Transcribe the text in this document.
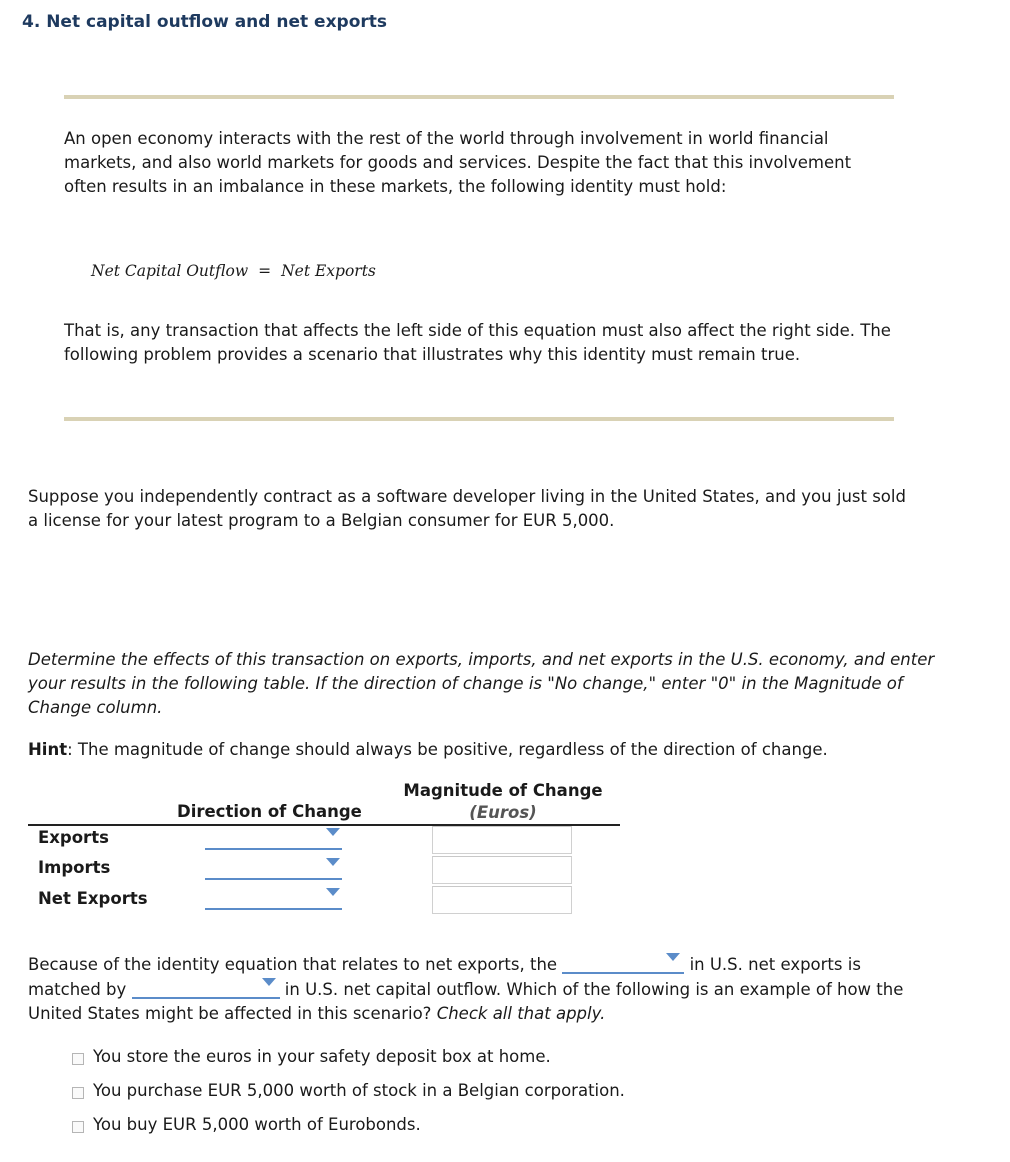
4. Net capital outflow and net exports

An open economy interacts with the rest of the world through involvement in world financial markets, and also world markets for goods and services. Despite the fact that this involvement often results in an imbalance in these markets, the following identity must hold:

Net Capital Outflow = Net Exports

That is, any transaction that affects the left side of this equation must also affect the right side. The following problem provides a scenario that illustrates why this identity must remain true.

Suppose you independently contract as a software developer living in the United States, and you just sold a license for your latest program to a Belgian consumer for EUR 5,000.

Determine the effects of this transaction on exports, imports, and net exports in the U.S. economy, and enter your results in the following table. If the direction of change is "No change," enter "0" in the Magnitude of Change column.

Hint: The magnitude of change should always be positive, regardless of the direction of change.

Magnitude of Change
(Euros)
Direction of Change
Exports
Imports
Net Exports

Because of the identity equation that relates to net exports, the	in U.S. net exports is matched by	in U.S. net capital outflow. Which of the following is an example of how the United States might be affected in this scenario? Check all that apply.

You store the euros in your safety deposit box at home.
You purchase EUR 5,000 worth of stock in a Belgian corporation.
You buy EUR 5,000 worth of Eurobonds.
